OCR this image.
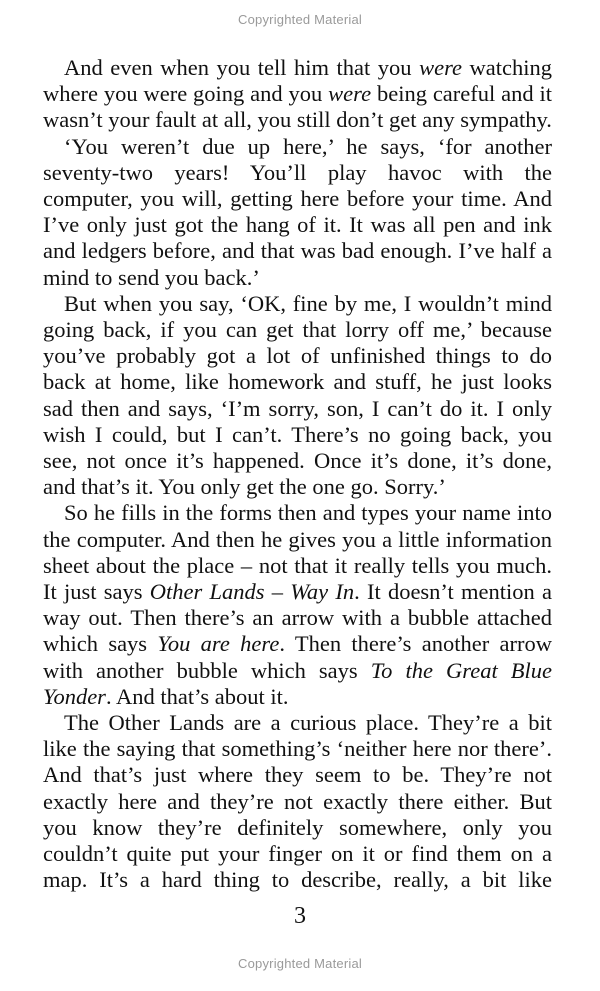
Copyrighted Material

And even when you tell him that you were watching where you were going and you were being careful and it wasn’t your fault at all, you still don’t get any sympathy.

‘You weren’t due up here,’ he says, ‘for another seventy-two years! You’ll play havoc with the computer, you will, getting here before your time. And I’ve only just got the hang of it. It was all pen and ink and ledgers before, and that was bad enough. I’ve half a mind to send you back.’

But when you say, ‘OK, fine by me, I wouldn’t mind going back, if you can get that lorry off me,’ because you’ve probably got a lot of unfinished things to do back at home, like homework and stuff, he just looks sad then and says, ‘I’m sorry, son, I can’t do it. I only wish I could, but I can’t. There’s no going back, you see, not once it’s happened. Once it’s done, it’s done, and that’s it. You only get the one go. Sorry.’

So he fills in the forms then and types your name into the computer. And then he gives you a little information sheet about the place – not that it really tells you much. It just says Other Lands – Way In. It doesn’t mention a way out. Then there’s an arrow with a bubble attached which says You are here. Then there’s another arrow with another bubble which says To the Great Blue Yonder. And that’s about it.

The Other Lands are a curious place. They’re a bit like the saying that something’s ‘neither here nor there’. And that’s just where they seem to be. They’re not exactly here and they’re not exactly there either. But you know they’re definitely somewhere, only you couldn’t quite put your finger on it or find them on a map. It’s a hard thing to describe, really, a bit like

3
Copyrighted Material
